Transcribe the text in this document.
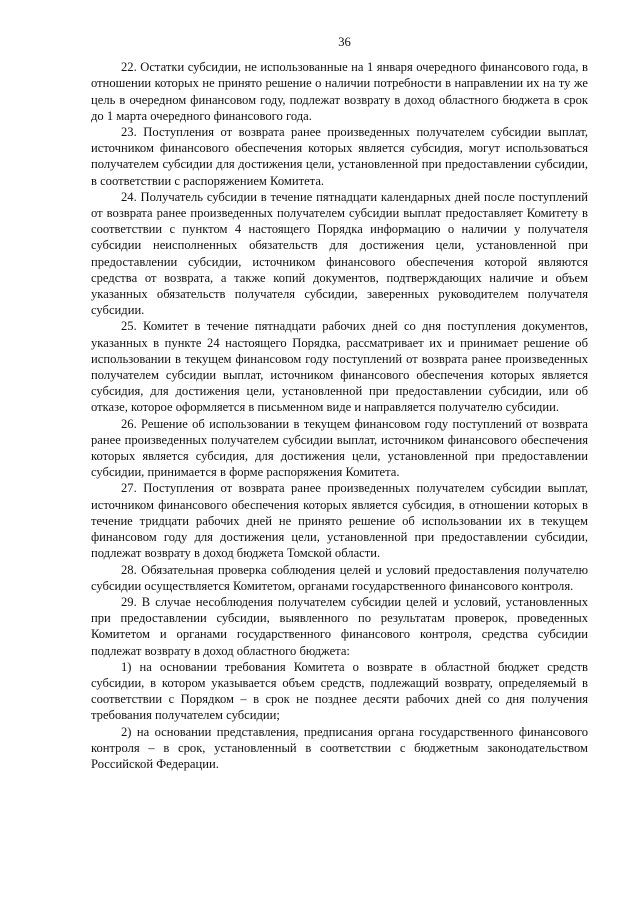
36

22. Остатки субсидии, не использованные на 1 января очередного финансового года, в отношении которых не принято решение о наличии потребности в направлении их на ту же цель в очередном финансовом году, подлежат возврату в доход областного бюджета в срок до 1 марта очередного финансового года.

23. Поступления от возврата ранее произведенных получателем субсидии выплат, источником финансового обеспечения которых является субсидия, могут использоваться получателем субсидии для достижения цели, установленной при предоставлении субсидии, в соответствии с распоряжением Комитета.

24. Получатель субсидии в течение пятнадцати календарных дней после поступлений от возврата ранее произведенных получателем субсидии выплат предоставляет Комитету в соответствии с пунктом 4 настоящего Порядка информацию о наличии у получателя субсидии неисполненных обязательств для достижения цели, установленной при предоставлении субсидии, источником финансового обеспечения которой являются средства от возврата, а также копий документов, подтверждающих наличие и объем указанных обязательств получателя субсидии, заверенных руководителем получателя субсидии.

25. Комитет в течение пятнадцати рабочих дней со дня поступления документов, указанных в пункте 24 настоящего Порядка, рассматривает их и принимает решение об использовании в текущем финансовом году поступлений от возврата ранее произведенных получателем субсидии выплат, источником финансового обеспечения которых является субсидия, для достижения цели, установленной при предоставлении субсидии, или об отказе, которое оформляется в письменном виде и направляется получателю субсидии.

26. Решение об использовании в текущем финансовом году поступлений от возврата ранее произведенных получателем субсидии выплат, источником финансового обеспечения которых является субсидия, для достижения цели, установленной при предоставлении субсидии, принимается в форме распоряжения Комитета.

27. Поступления от возврата ранее произведенных получателем субсидии выплат, источником финансового обеспечения которых является субсидия, в отношении которых в течение тридцати рабочих дней не принято решение об использовании их в текущем финансовом году для достижения цели, установленной при предоставлении субсидии, подлежат возврату в доход бюджета Томской области.

28. Обязательная проверка соблюдения целей и условий предоставления получателю субсидии осуществляется Комитетом, органами государственного финансового контроля.

29. В случае несоблюдения получателем субсидии целей и условий, установленных при предоставлении субсидии, выявленного по результатам проверок, проведенных Комитетом и органами государственного финансового контроля, средства субсидии подлежат возврату в доход областного бюджета:

1) на основании требования Комитета о возврате в областной бюджет средств субсидии, в котором указывается объем средств, подлежащий возврату, определяемый в соответствии с Порядком – в срок не позднее десяти рабочих дней со дня получения требования получателем субсидии;

2) на основании представления, предписания органа государственного финансового контроля – в срок, установленный в соответствии с бюджетным законодательством Российской Федерации.
